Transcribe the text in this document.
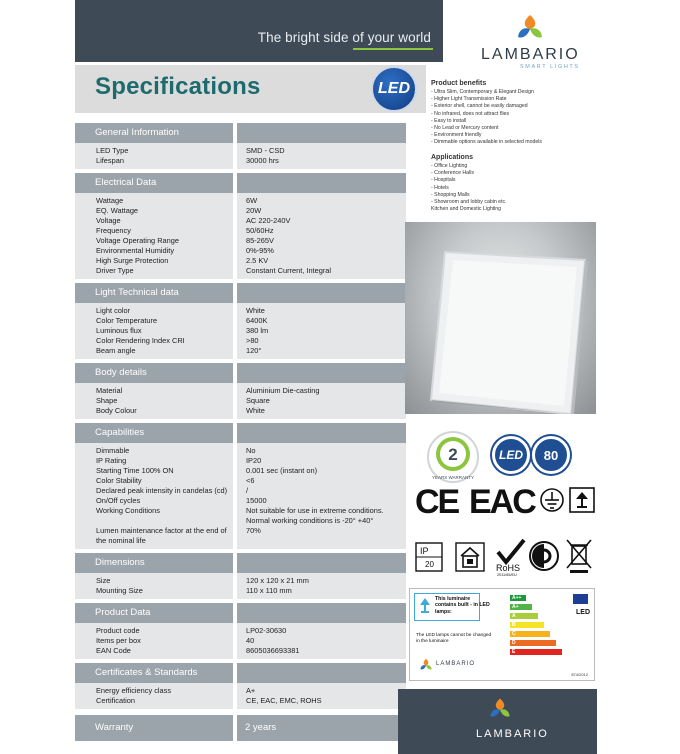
The bright side of your world
LAMBARIO
SMART LIGHTS
Specifications	LED
General Information
LED Type	SMD - CSD
Lifespan	30000 hrs
Electrical Data
Wattage	6W
EQ. Wattage	20W
Voltage	AC 220-240V
Frequency	50/60Hz
Voltage Operating Range	85-265V
Environmental Humidity	0%-95%
High Surge Protection	2.5 KV
Driver Type	Constant Current, Integral
Light Technical data
Light color	White
Color Temperature	6400K
Luminous flux	380 lm
Color Rendering Index CRI	>80
Beam angle	120°
Body details
Material	Aluminium Die-casting
Shape	Square
Body Colour	White
Capabilities
Dimmable	No
IP Rating	IP20
Starting Time 100% ON	0.001 sec (instant on)
Color Stability	<6
Declared peak intensity in candelas (cd)	/
On/Off cycles	15000
Working Conditions	Not suitable for use in extreme conditions.
Normal working conditions is -20° +40°
Lumen maintenance factor at the end of	70%
the nominal life
Dimensions
Size	120 x 120 x 21 mm
Mounting Size	110 x 110 mm
Product Data
Product code	LP02-30630
Items per box	40
EAN Code	8605036693381
Certificates & Standards
Energy efficiency class	A+
Certification	CE, EAC, EMC, ROHS
Warranty	2 years
Product benefits
- Ultra Slim, Contemporary & Elegant Design
- Higher Light Transmission Rate
- Exterior shell, cannot be easily damaged
- No infrared, does not attract flies
- Easy to install
- No Lead or Mercury content
- Environment friendly
- Dimmable options available in selected models
Applications
- Office Lighting
- Conference Halls
- Hospitals
- Hotels
- Shopping Malls
- Showroom and lobby cabin etc.
Kitchen and Domestic Lighting
2
YEARS WARRANTY
LED 80
CE EAC
IP
20	RoHS
2011/65/EU
This luminaire contains built - in LED lamps:
The LED lamps cannot be changed in the luminaire
A++
A+
A
B
C
D
E
LED
LAMBARIO
874/2012
LAMBARIO
